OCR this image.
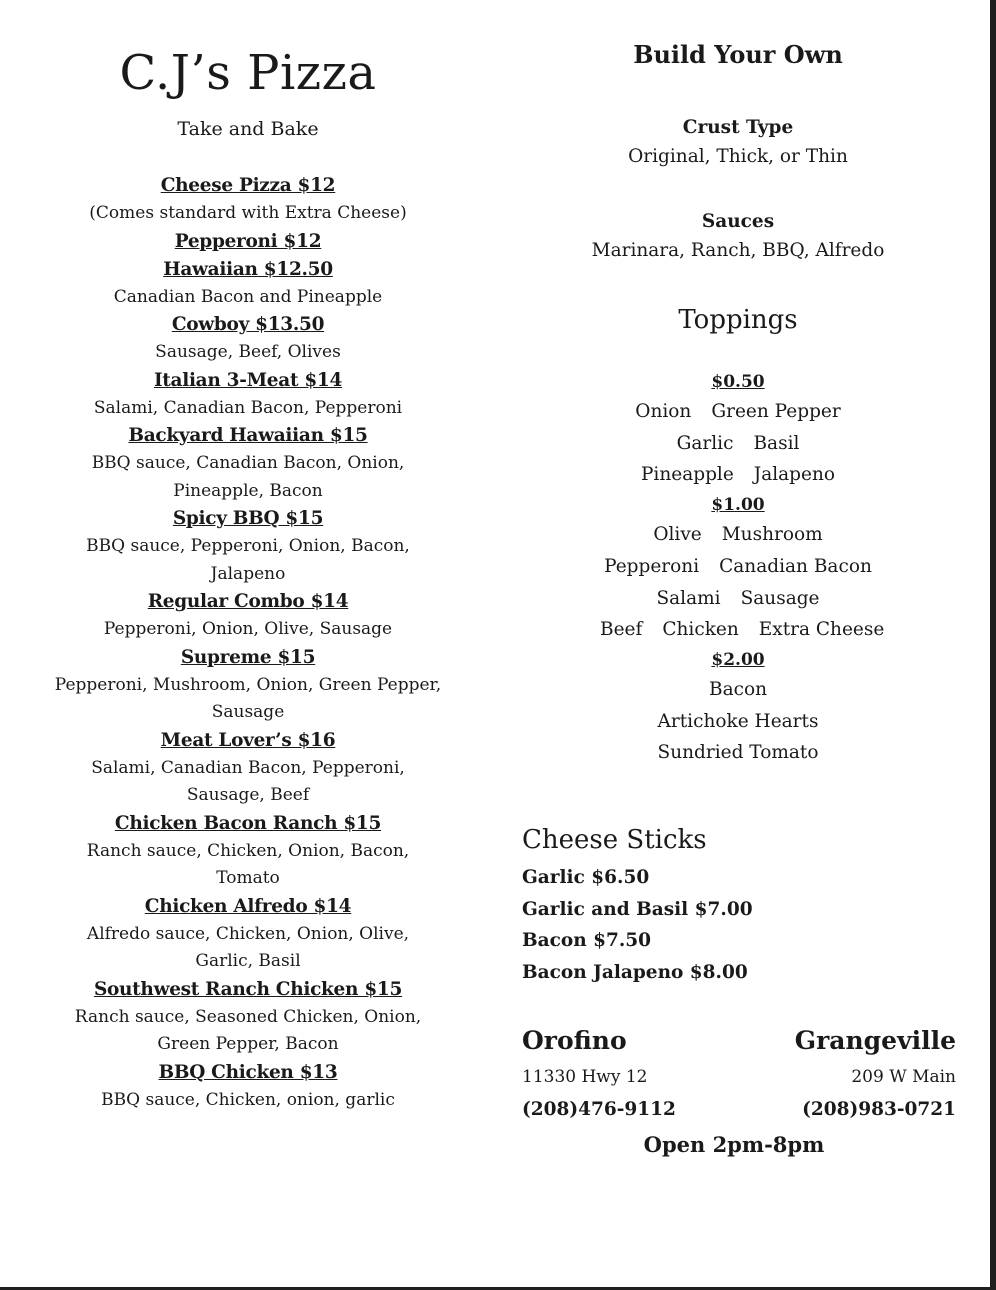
C.J’s Pizza
Take and Bake
Cheese Pizza $12
(Comes standard with Extra Cheese)
Pepperoni $12
Hawaiian $12.50
Canadian Bacon and Pineapple
Cowboy $13.50
Sausage, Beef, Olives
Italian 3-Meat $14
Salami, Canadian Bacon, Pepperoni
Backyard Hawaiian $15
BBQ sauce, Canadian Bacon, Onion,
Pineapple, Bacon
Spicy BBQ $15
BBQ sauce, Pepperoni, Onion, Bacon,
Jalapeno
Regular Combo $14
Pepperoni, Onion, Olive, Sausage
Supreme $15
Pepperoni, Mushroom, Onion, Green Pepper,
Sausage
Meat Lover’s $16
Salami, Canadian Bacon, Pepperoni,
Sausage, Beef
Chicken Bacon Ranch $15
Ranch sauce, Chicken, Onion, Bacon,
Tomato
Chicken Alfredo $14
Alfredo sauce, Chicken, Onion, Olive,
Garlic, Basil
Southwest Ranch Chicken $15
Ranch sauce, Seasoned Chicken, Onion,
Green Pepper, Bacon
BBQ Chicken $13
BBQ sauce, Chicken, onion, garlic
Build Your Own
Crust Type
Original, Thick, or Thin
Sauces
Marinara, Ranch, BBQ, Alfredo
Toppings
$0.50
Onion Green Pepper
Garlic Basil
Pineapple Jalapeno
$1.00
Olive Mushroom
Pepperoni Canadian Bacon
Salami Sausage
Beef Chicken Extra Cheese
$2.00
Bacon
Artichoke Hearts
Sundried Tomato
Cheese Sticks
Garlic $6.50
Garlic and Basil $7.00
Bacon $7.50
Bacon Jalapeno $8.00
Orofino
11330 Hwy 12
(208)476-9112
Grangeville
209 W Main
(208)983-0721
Open 2pm-8pm
